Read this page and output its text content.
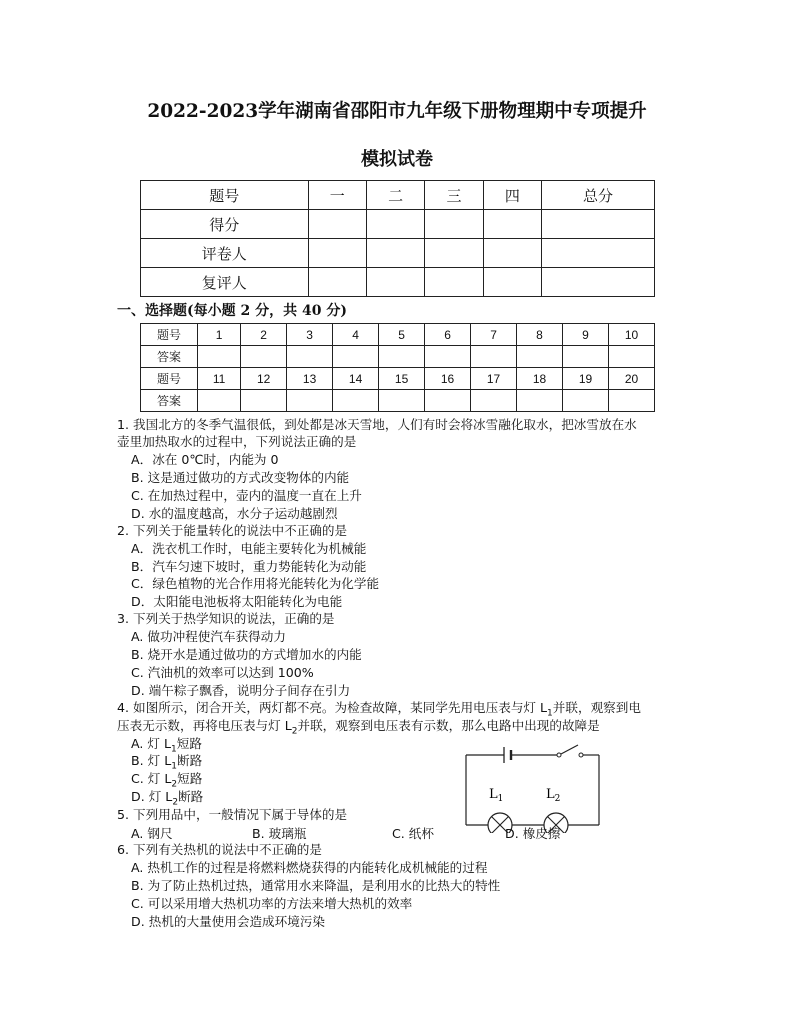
2022-2023学年湖南省邵阳市九年级下册物理期中专项提升
模拟试卷
题号	一	二	三	四	总分
得分					
评卷人					
复评人					
一、选择题(每小题 2 分，共 40 分)
题号	1	2	3	4	5	6	7	8	9	10
答案										
题号	11	12	13	14	15	16	17	18	19	20
答案										
1. 我国北方的冬季气温很低，到处都是冰天雪地，人们有时会将冰雪融化取水，把冰雪放在水
壶里加热取水的过程中，下列说法正确的是
A．冰在 0℃时，内能为 0
B. 这是通过做功的方式改变物体的内能
C. 在加热过程中，壶内的温度一直在上升
D. 水的温度越高，水分子运动越剧烈
2. 下列关于能量转化的说法中不正确的是
A．洗衣机工作时，电能主要转化为机械能
B．汽车匀速下坡时，重力势能转化为动能
C．绿色植物的光合作用将光能转化为化学能
D．太阳能电池板将太阳能转化为电能
3. 下列关于热学知识的说法，正确的是
A. 做功冲程使汽车获得动力
B. 烧开水是通过做功的方式增加水的内能
C. 汽油机的效率可以达到 100%
D. 端午粽子飘香，说明分子间存在引力
4. 如图所示，闭合开关，两灯都不亮。为检查故障，某同学先用电压表与灯 $L_1$并联，观察到电
压表无示数，再将电压表与灯 $L_2$并联，观察到电压表有示数，那么电路中出现的故障是
A. 灯 $L_1$短路
B. 灯 $L_1$断路
C. 灯 $L_2$短路
D. 灯 $L_2$断路	$L_1$	$L_2$
5. 下列用品中，一般情况下属于导体的是
A. 钢尺	B. 玻璃瓶	C. 纸杯	D. 橡皮擦
6. 下列有关热机的说法中不正确的是
A. 热机工作的过程是将燃料燃烧获得的内能转化成机械能的过程
B. 为了防止热机过热，通常用水来降温，是利用水的比热大的特性
C. 可以采用增大热机功率的方法来增大热机的效率
D. 热机的大量使用会造成环境污染
